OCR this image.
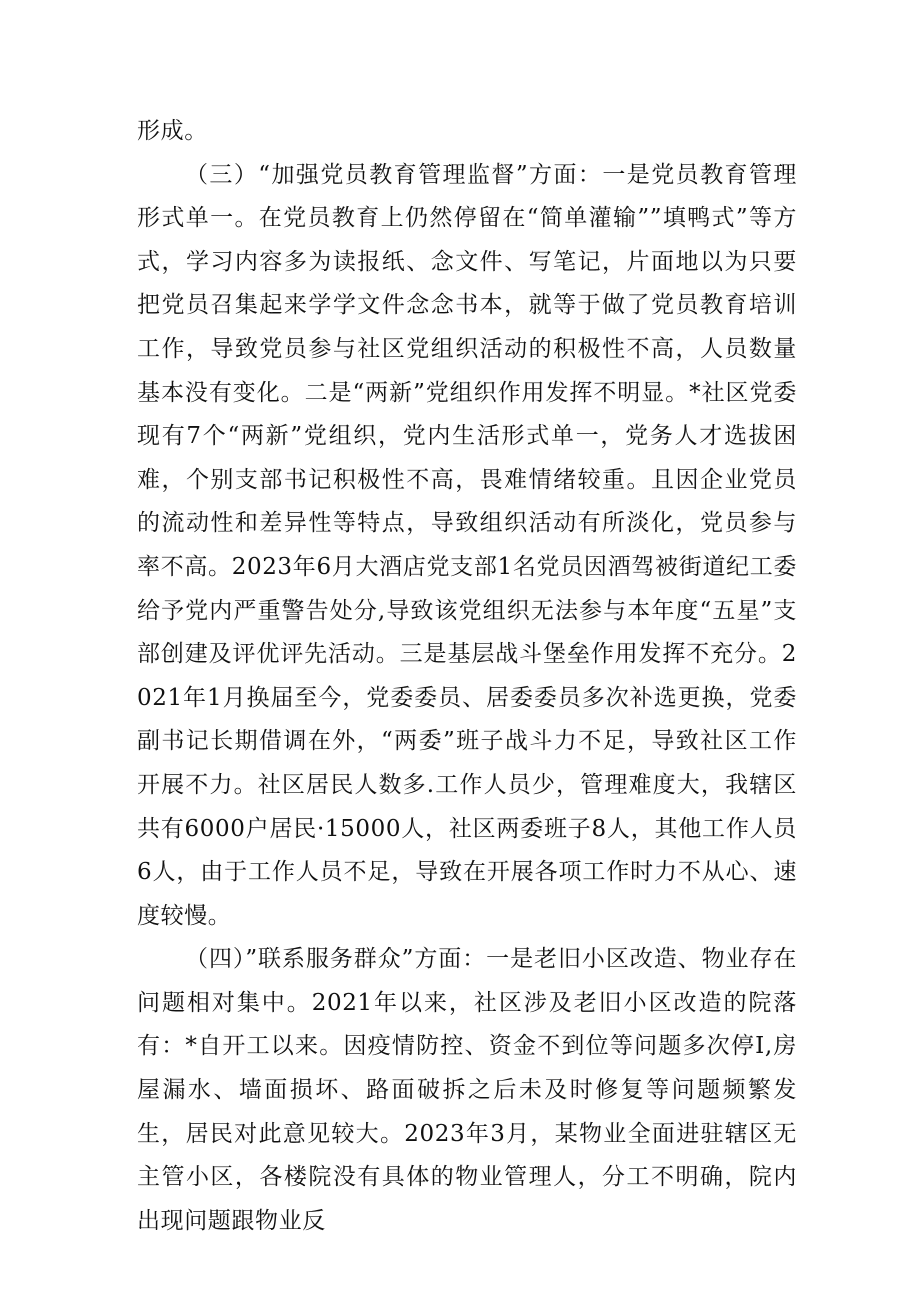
形成。

（三）“加强党员教育管理监督”方面：一是党员教育管理形式单一。在党员教育上仍然停留在“简单灌输””填鸭式”等方式，学习内容多为读报纸、念文件、写笔记，片面地以为只要把党员召集起来学学文件念念书本，就等于做了党员教育培训工作，导致党员参与社区党组织活动的积极性不高，人员数量基本没有变化。二是“两新”党组织作用发挥不明显。*社区党委现有7个“两新”党组织，党内生活形式单一，党务人才选拔困难，个别支部书记积极性不高，畏难情绪较重。且因企业党员的流动性和差异性等特点，导致组织活动有所淡化，党员参与率不高。2023年6月大酒店党支部1名党员因酒驾被街道纪工委给予党内严重警告处分,导致该党组织无法参与本年度“五星”支部创建及评优评先活动。三是基层战斗堡垒作用发挥不充分。2021年1月换届至今，党委委员、居委委员多次补选更换，党委副书记长期借调在外，“两委”班子战斗力不足，导致社区工作开展不力。社区居民人数多.工作人员少，管理难度大，我辖区共有6000户居民·15000人，社区两委班子8人，其他工作人员6人，由于工作人员不足，导致在开展各项工作时力不从心、速度较慢。

（四）”联系服务群众”方面：一是老旧小区改造、物业存在问题相对集中。2021年以来，社区涉及老旧小区改造的院落有：*自开工以来。因疫情防控、资金不到位等问题多次停I,房屋漏水、墙面损坏、路面破拆之后未及时修复等问题频繁发生，居民对此意见较大。2023年3月，某物业全面进驻辖区无主管小区，各楼院没有具体的物业管理人，分工不明确，院内出现问题跟物业反
